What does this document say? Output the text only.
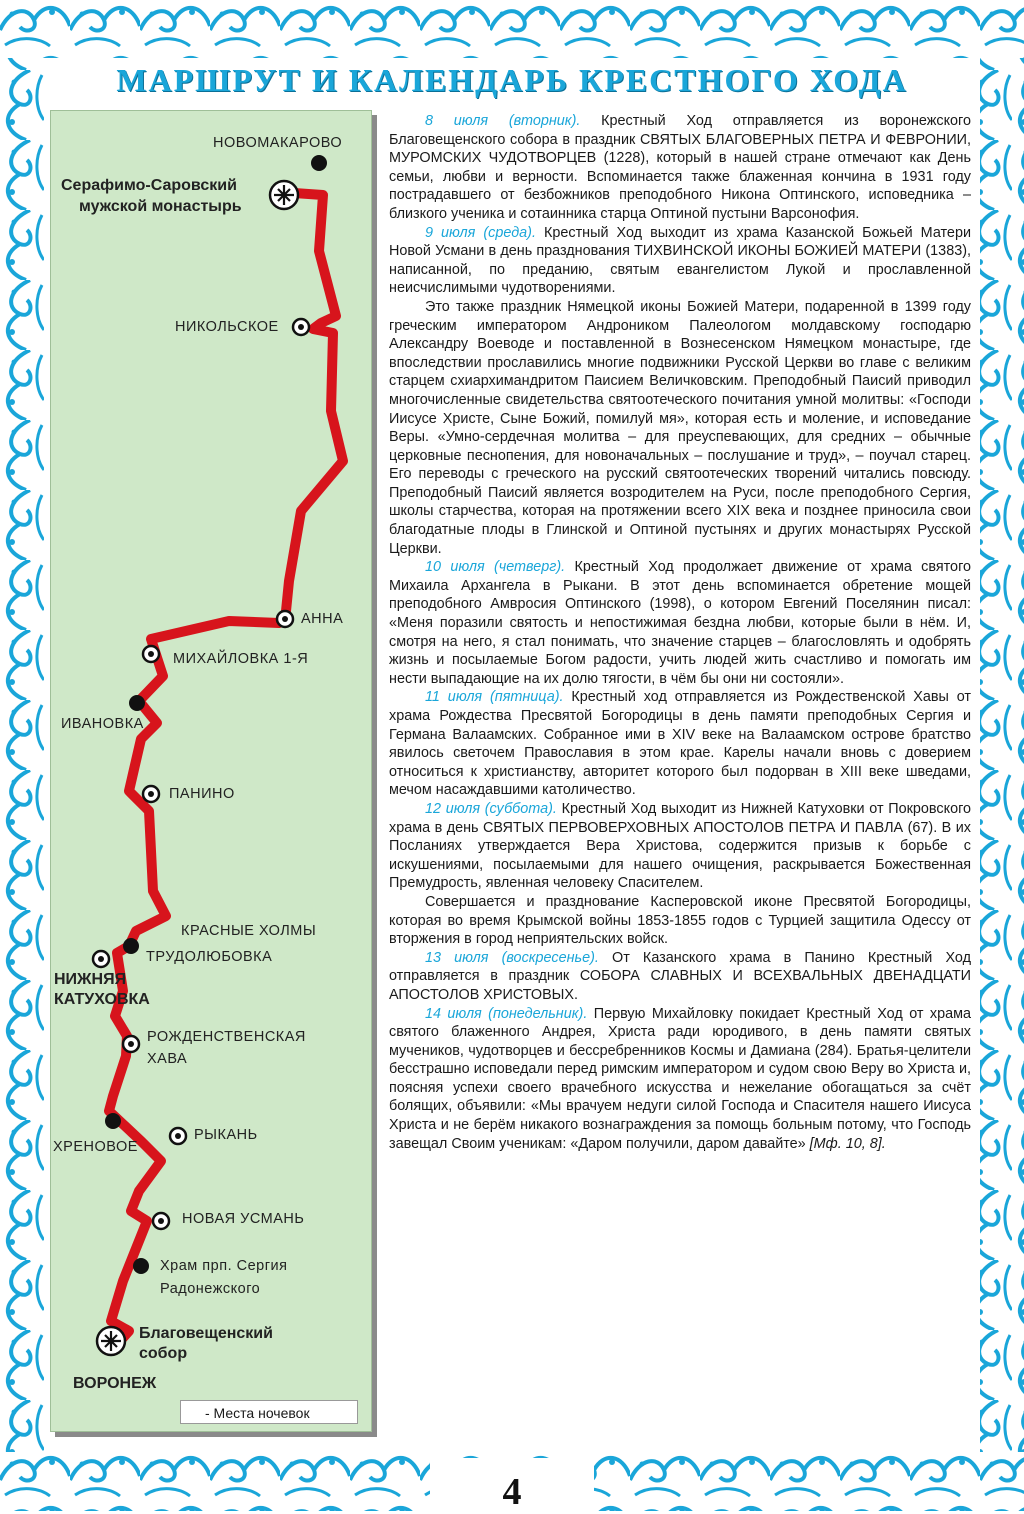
МАРШРУТ И КАЛЕНДАРЬ КРЕСТНОГО ХОДА
НОВОМАКАРОВО
Серафимо-Саровский
мужской монастырь
НИКОЛЬСКОЕ
АННА
МИХАЙЛОВКА 1-Я
ИВАНОВКА
ПАНИНО
КРАСНЫЕ ХОЛМЫ
ТРУДОЛЮБОВКА
НИЖНЯЯ
КАТУХОВКА
РОЖДЕНСТВЕНСКАЯ
ХАВА
ХРЕНОВОЕ
РЫКАНЬ
НОВАЯ УСМАНЬ
Храм прп. Сергия
Радонежского
Благовещенский
собор
ВОРОНЕЖ
- Места ночевок

8 июля (вторник). Крестный Ход отправляется из воронежского Благовещенского собора в праздник СВЯТЫХ БЛАГОВЕРНЫХ ПЕТРА И ФЕВРОНИИ, МУРОМСКИХ ЧУДОТВОРЦЕВ (1228), который в нашей стране отмечают как День семьи, любви и верности. Вспоминается также блаженная кончина в 1931 году пострадавшего от безбожников преподобного Никона Оптинского, исповедника – близкого ученика и сотаинника старца Оптиной пустыни Варсонофия.

9 июля (среда). Крестный Ход выходит из храма Казанской Божьей Матери Новой Усмани в день празднования ТИХВИНСКОЙ ИКОНЫ БОЖИЕЙ МАТЕРИ (1383), написанной, по преданию, святым евангелистом Лукой и прославленной неисчислимыми чудотворениями.

Это также праздник Нямецкой иконы Божией Матери, подаренной в 1399 году греческим императором Андроником Палеологом молдавскому господарю Александру Воеводе и поставленной в Вознесенском Нямецком монастыре, где впоследствии прославились многие подвижники Русской Церкви во главе с великим старцем схиархимандритом Паисием Величковским. Преподобный Паисий приводил многочисленные свидетельства святоотеческого почитания умной молитвы: «Господи Иисусе Христе, Сыне Божий, помилуй мя», которая есть и моление, и исповедание Веры. «Умно-сердечная молитва – для преуспевающих, для средних – обычные церковные песнопения, для новоначальных – послушание и труд», – поучал старец. Его переводы с греческого на русский святоотеческих творений читались повсюду. Преподобный Паисий является возродителем на Руси, после преподобного Сергия, школы старчества, которая на протяжении всего XIX века и позднее приносила свои благодатные плоды в Глинской и Оптиной пустынях и других монастырях Русской Церкви.

10 июля (четверг). Крестный Ход продолжает движение от храма святого Михаила Архангела в Рыкани. В этот день вспоминается обретение мощей преподобного Амвросия Оптинского (1998), о котором Евгений Поселянин писал: «Меня поразили святость и непостижимая бездна любви, которые были в нём. И, смотря на него, я стал понимать, что значение старцев – благословлять и одобрять жизнь и посылаемые Богом радости, учить людей жить счастливо и помогать им нести выпадающие на их долю тягости, в чём бы они ни состояли».

11 июля (пятница). Крестный ход отправляется из Рождественской Хавы от храма Рождества Пресвятой Богородицы в день памяти преподобных Сергия и Германа Валаамских. Собранное ими в XIV веке на Валаамском острове братство явилось светочем Православия в этом крае. Карелы начали вновь с доверием относиться к христианству, авторитет которого был подорван в XIII веке шведами, мечом насаждавшими католичество.

12 июля (суббота). Крестный Ход выходит из Нижней Катуховки от Покровского храма в день СВЯТЫХ ПЕРВОВЕРХОВНЫХ АПОСТОЛОВ ПЕТРА И ПАВЛА (67). В их Посланиях утверждается Вера Христова, содержится призыв к борьбе с искушениями, посылаемыми для нашего очищения, раскрывается Божественная Премудрость, явленная человеку Спасителем.

Совершается и празднование Касперовской иконе Пресвятой Богородицы, которая во время Крымской войны 1853-1855 годов с Турцией защитила Одессу от вторжения в город неприятельских войск.

13 июля (воскресенье). От Казанского храма в Панино Крестный Ход отправляется в праздник СОБОРА СЛАВНЫХ И ВСЕХВАЛЬНЫХ ДВЕНАДЦАТИ АПОСТОЛОВ ХРИСТОВЫХ.

14 июля (понедельник). Первую Михайловку покидает Крестный Ход от храма святого блаженного Андрея, Христа ради юродивого, в день памяти святых мучеников, чудотворцев и бессребренников Космы и Дамиана (284). Братья-целители бесстрашно исповедали перед римским императором и судом свою Веру во Христа и, поясняя успехи своего врачебного искусства и нежелание обогащаться за счёт болящих, объявили: «Мы врачуем недуги силой Господа и Спасителя нашего Иисуса Христа и не берём никакого вознаграждения за помощь больным потому, что Господь завещал Своим ученикам: «Даром получили, даром давайте» [Мф. 10, 8].

4
